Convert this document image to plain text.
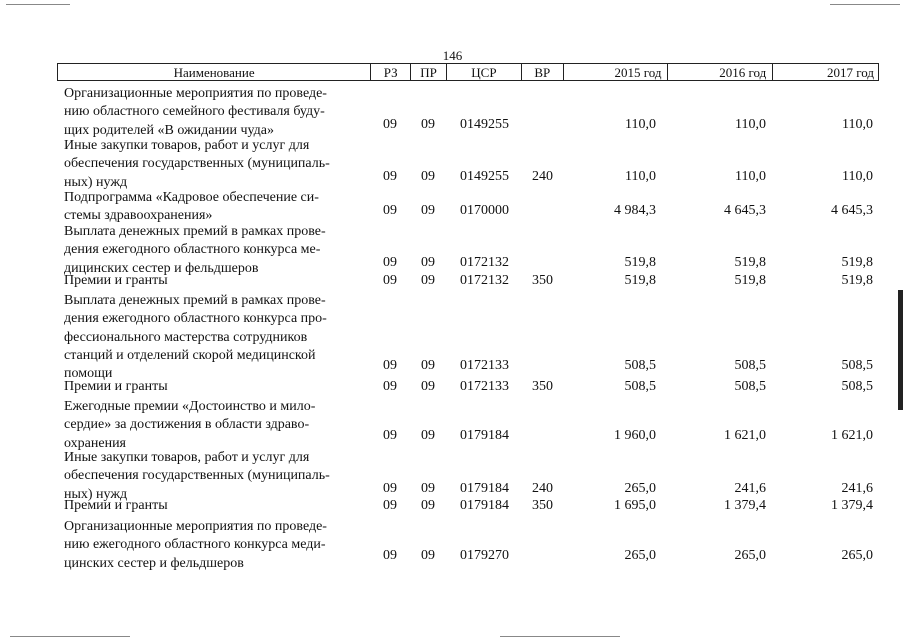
146
Наименование	РЗ	ПР	ЦСР	ВР	2015 год	2016 год	2017 год
Организационные мероприятия по проведе-
нию областного семейного фестиваля буду-
щих родителей «В ожидании чуда»	09 09 0149255	110,0	110,0	110,0
Иные закупки товаров, работ и услуг для
обеспечения государственных (муниципаль-
ных) нужд	09 09 0149255 240	110,0	110,0	110,0
Подпрограмма «Кадровое обеспечение си-
стемы здравоохранения»	09 09 0170000	4 984,3	4 645,3	4 645,3
Выплата денежных премий в рамках прове-
дения ежегодного областного конкурса ме-
дицинских сестер и фельдшеров	09 09 0172132	519,8	519,8	519,8
Премии и гранты	09 09 0172132 350	519,8	519,8	519,8
Выплата денежных премий в рамках прове-
дения ежегодного областного конкурса про-
фессионального мастерства сотрудников
станций и отделений скорой медицинской
помощи
09 09 0172133	508,5	508,5	508,5
Премии и гранты	09 09 0172133 350	508,5	508,5	508,5
Ежегодные премии «Достоинство и мило-
сердие» за достижения в области здраво-
охранения
09 09 0179184	1 960,0	1 621,0	1 621,0
Иные закупки товаров, работ и услуг для
обеспечения государственных (муниципаль-
ных) нужд	09 09 0179184 240	265,0	241,6	241,6
Премии и гранты	09 09 0179184 350	1 695,0	1 379,4	1 379,4
Организационные мероприятия по проведе-
нию ежегодного областного конкурса меди-
цинских сестер и фельдшеров
09 09 0179270	265,0	265,0	265,0
